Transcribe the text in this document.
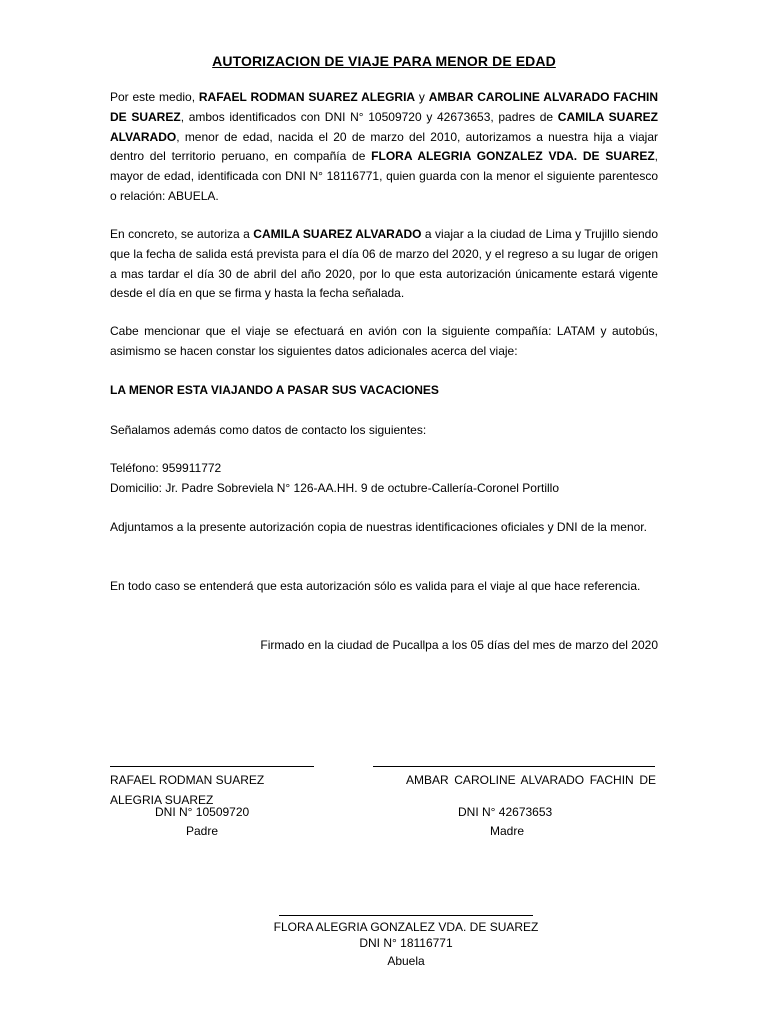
AUTORIZACION DE VIAJE PARA MENOR DE EDAD

Por este medio, RAFAEL RODMAN SUAREZ ALEGRIA y AMBAR CAROLINE ALVARADO FACHIN DE SUAREZ, ambos identificados con DNI N° 10509720 y 42673653, padres de CAMILA SUAREZ ALVARADO, menor de edad, nacida el 20 de marzo del 2010, autorizamos a nuestra hija a viajar dentro del territorio peruano, en compañía de FLORA ALEGRIA GONZALEZ VDA. DE SUAREZ, mayor de edad, identificada con DNI N° 18116771, quien guarda con la menor el siguiente parentesco o relación: ABUELA.

En concreto, se autoriza a CAMILA SUAREZ ALVARADO a viajar a la ciudad de Lima y Trujillo siendo que la fecha de salida está prevista para el día 06 de marzo del 2020, y el regreso a su lugar de origen a mas tardar el día 30 de abril del año 2020, por lo que esta autorización únicamente estará vigente desde el día en que se firma y hasta la fecha señalada.

Cabe mencionar que el viaje se efectuará en avión con la siguiente compañía: LATAM y autobús, asimismo se hacen constar los siguientes datos adicionales acerca del viaje:

LA MENOR ESTA VIAJANDO A PASAR SUS VACACIONES

Señalamos además como datos de contacto los siguientes:

Teléfono: 959911772
Domicilio: Jr. Padre Sobreviela N° 126-AA.HH. 9 de octubre-Callería-Coronel Portillo

Adjuntamos a la presente autorización copia de nuestras identificaciones oficiales y DNI de la menor.

En todo caso se entenderá que esta autorización sólo es valida para el viaje al que hace referencia.

Firmado en la ciudad de Pucallpa a los 05 días del mes de marzo del 2020

RAFAEL RODMAN SUAREZ ALEGRIA SUAREZ

DNI N° 10509720

Padre

AMBAR CAROLINE ALVARADO FACHIN DE

DNI N° 42673653

Madre

FLORA ALEGRIA GONZALEZ VDA. DE SUAREZ

DNI N° 18116771

Abuela
